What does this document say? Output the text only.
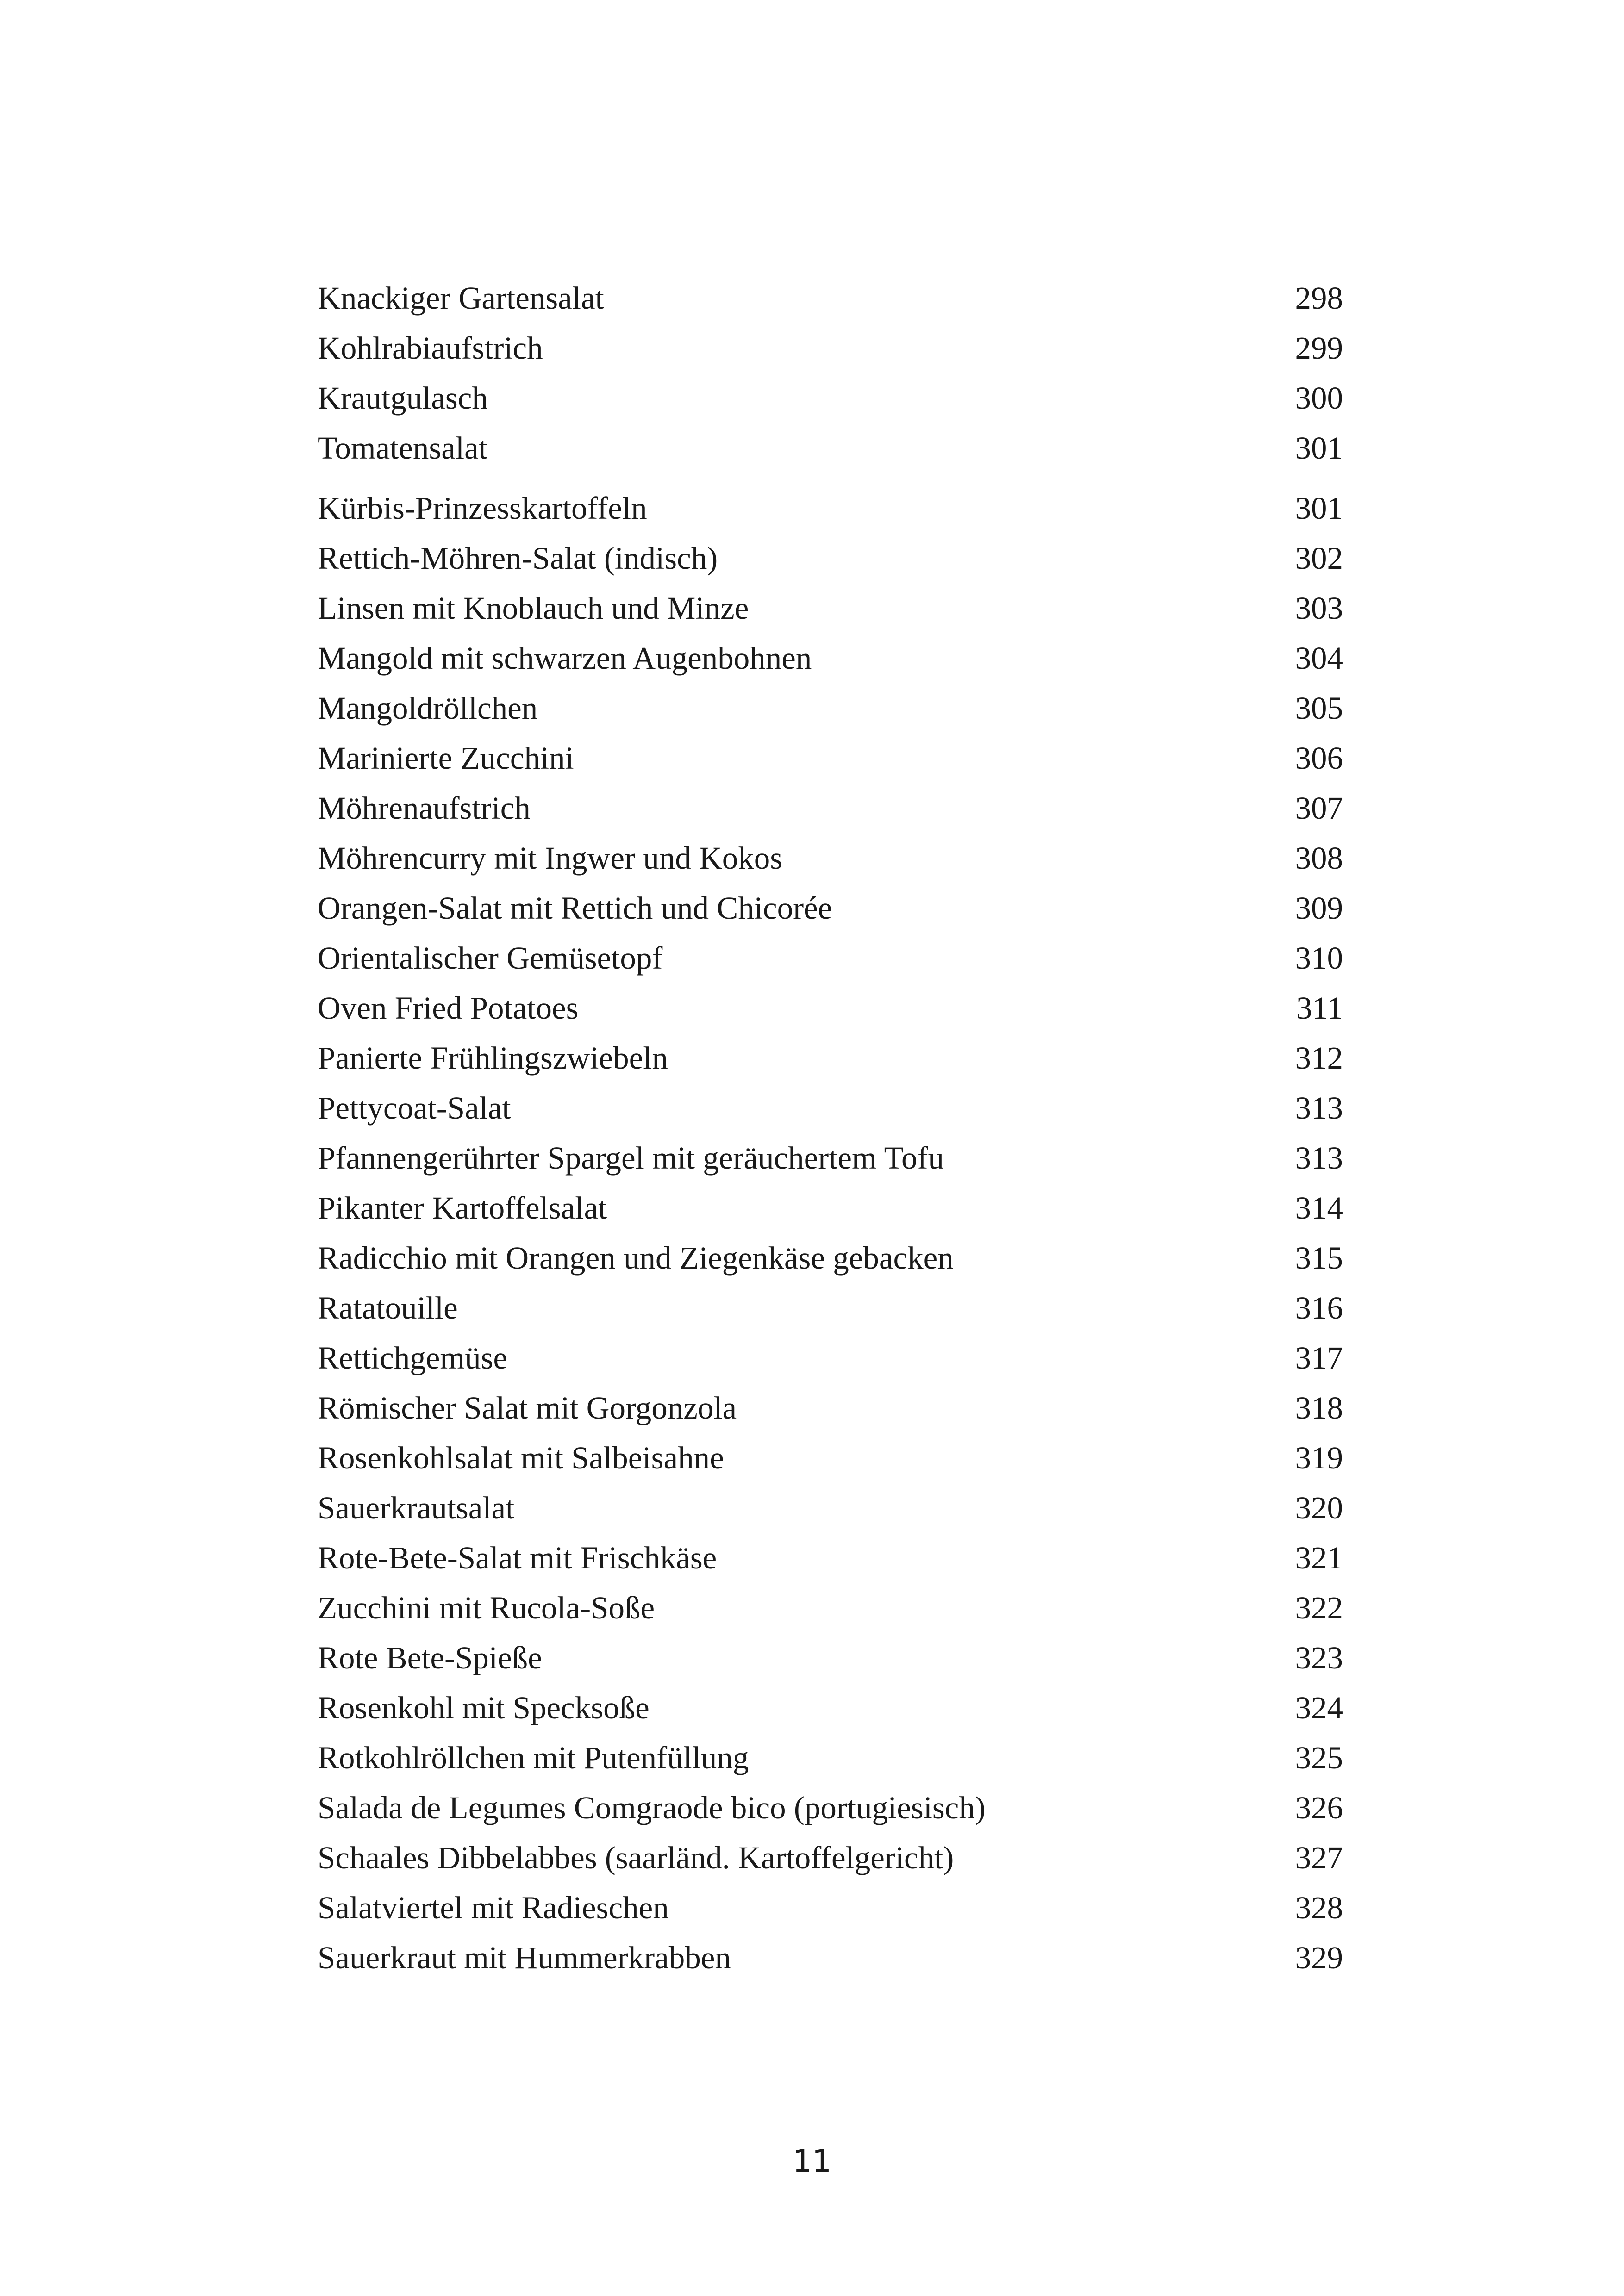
Knackiger Gartensalat	298
Kohlrabiaufstrich	299
Krautgulasch	300
Tomatensalat	301
Kürbis-Prinzesskartoffeln	301
Rettich-Möhren-Salat (indisch)	302
Linsen mit Knoblauch und Minze	303
Mangold mit schwarzen Augenbohnen	304
Mangoldröllchen	305
Marinierte Zucchini	306
Möhrenaufstrich	307
Möhrencurry mit Ingwer und Kokos	308
Orangen-Salat mit Rettich und Chicorée	309
Orientalischer Gemüsetopf	310
Oven Fried Potatoes	311
Panierte Frühlingszwiebeln	312
Pettycoat-Salat	313
Pfannengerührter Spargel mit geräuchertem Tofu	313
Pikanter Kartoffelsalat	314
Radicchio mit Orangen und Ziegenkäse gebacken	315
Ratatouille	316
Rettichgemüse	317
Römischer Salat mit Gorgonzola	318
Rosenkohlsalat mit Salbeisahne	319
Sauerkrautsalat	320
Rote-Bete-Salat mit Frischkäse	321
Zucchini mit Rucola-Soße	322
Rote Bete-Spieße	323
Rosenkohl mit Specksoße	324
Rotkohlröllchen mit Putenfüllung	325
Salada de Legumes Comgraode bico (portugiesisch)	326
Schaales Dibbelabbes (saarländ. Kartoffelgericht)	327
Salatviertel mit Radieschen	328
Sauerkraut mit Hummerkrabben	329
11
